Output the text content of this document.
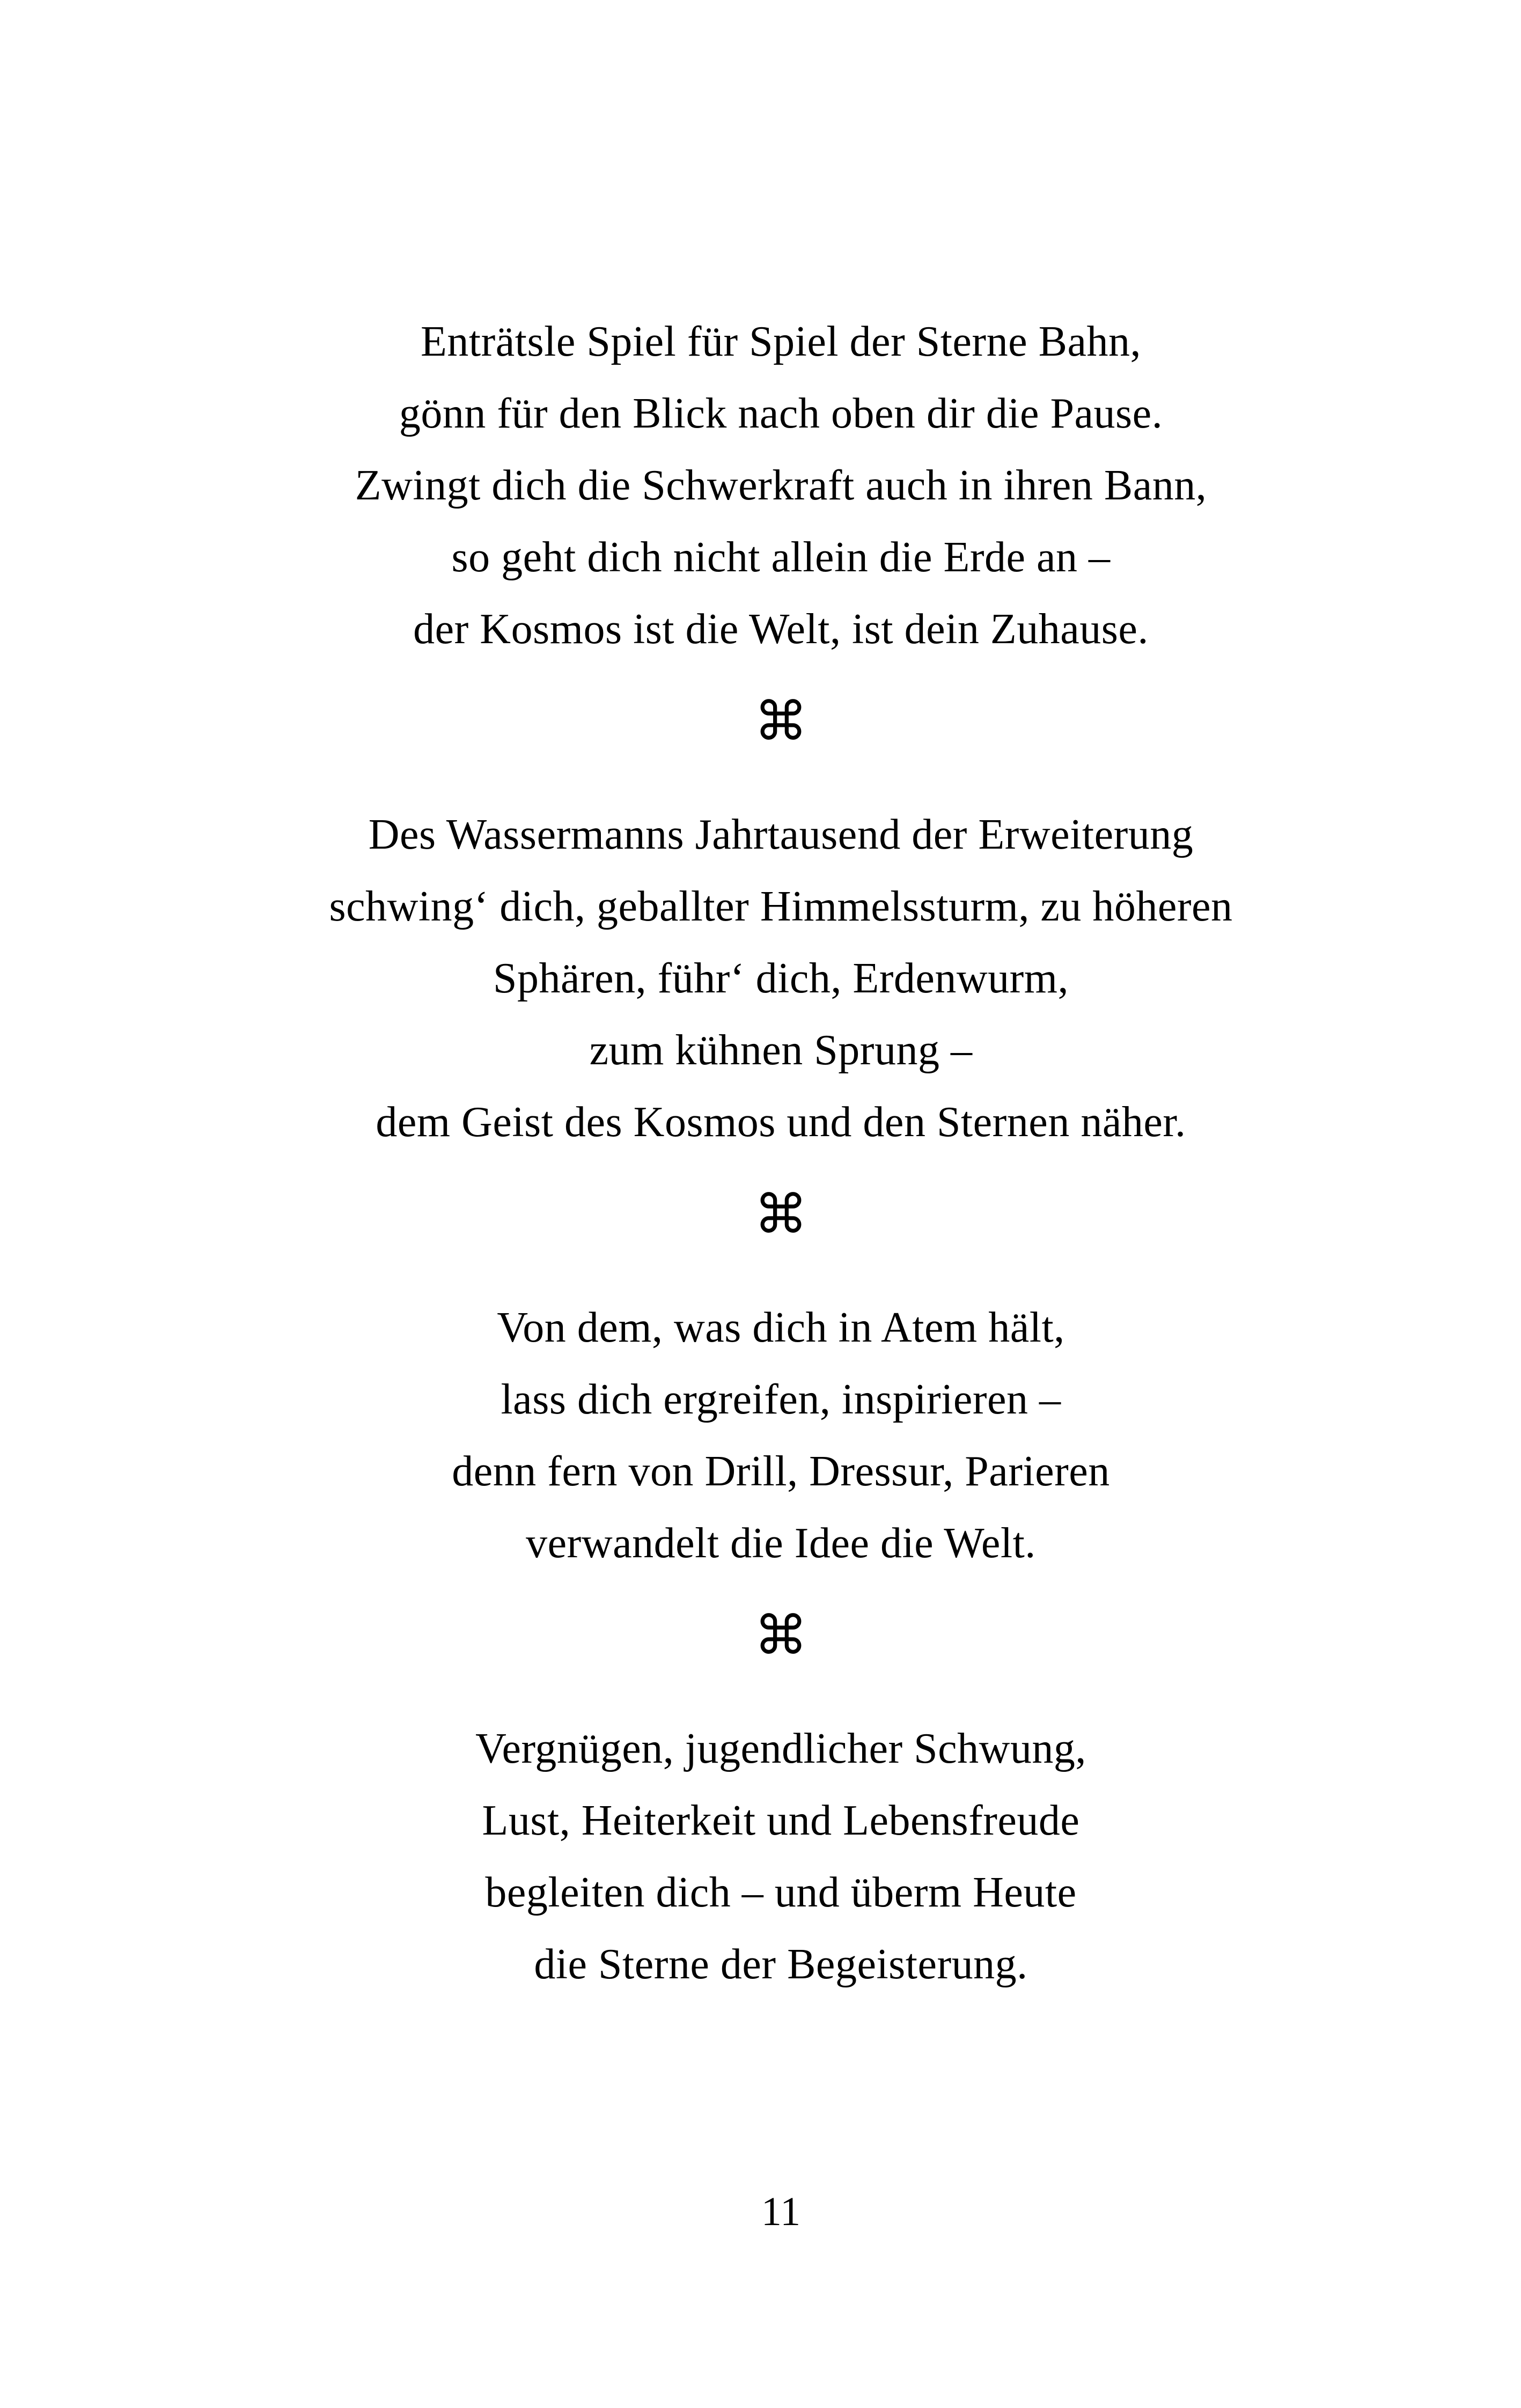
Enträtsle Spiel für Spiel der Sterne Bahn,
gönn für den Blick nach oben dir die Pause.
Zwingt dich die Schwerkraft auch in ihren Bann,
so geht dich nicht allein die Erde an –
der Kosmos ist die Welt, ist dein Zuhause.
⌘
Des Wassermanns Jahrtausend der Erweiterung
schwing‘ dich, geballter Himmelssturm, zu höheren
Sphären, führ‘ dich, Erdenwurm,
zum kühnen Sprung –
dem Geist des Kosmos und den Sternen näher.
⌘
Von dem, was dich in Atem hält,
lass dich ergreifen, inspirieren –
denn fern von Drill, Dressur, Parieren
verwandelt die Idee die Welt.
⌘
Vergnügen, jugendlicher Schwung,
Lust, Heiterkeit und Lebensfreude
begleiten dich – und überm Heute
die Sterne der Begeisterung.
11
